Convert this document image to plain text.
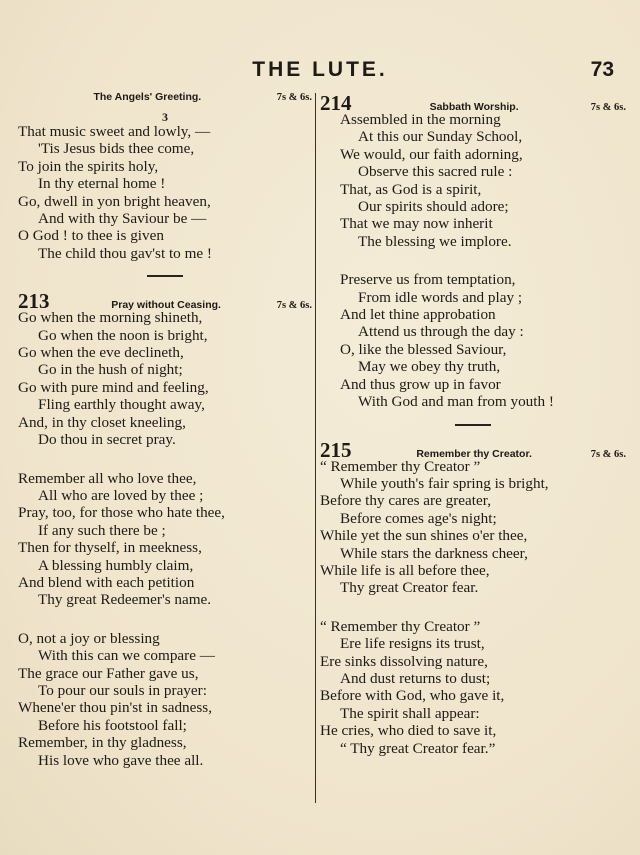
THE LUTE.	73
The Angels' Greeting.	7s & 6s.
3
That music sweet and lowly, —
'Tis Jesus bids thee come,
To join the spirits holy,
In thy eternal home !
Go, dwell in yon bright heaven,
And with thy Saviour be —
O God ! to thee is given
The child thou gav'st to me !
213	Pray without Ceasing.	7s & 6s.
Go when the morning shineth,
Go when the noon is bright,
Go when the eve declineth,
Go in the hush of night;
Go with pure mind and feeling,
Fling earthly thought away,
And, in thy closet kneeling,
Do thou in secret pray.
Remember all who love thee,
All who are loved by thee ;
Pray, too, for those who hate thee,
If any such there be ;
Then for thyself, in meekness,
A blessing humbly claim,
And blend with each petition
Thy great Redeemer's name.
O, not a joy or blessing
With this can we compare —
The grace our Father gave us,
To pour our souls in prayer:
Whene'er thou pin'st in sadness,
Before his footstool fall;
Remember, in thy gladness,
His love who gave thee all.
214	Sabbath Worship.	7s & 6s.
Assembled in the morning
At this our Sunday School,
We would, our faith adorning,
Observe this sacred rule :
That, as God is a spirit,
Our spirits should adore;
That we may now inherit
The blessing we implore.
Preserve us from temptation,
From idle words and play ;
And let thine approbation
Attend us through the day :
O, like the blessed Saviour,
May we obey thy truth,
And thus grow up in favor
With God and man from youth !
215	Remember thy Creator.	7s & 6s.
“ Remember thy Creator ”
While youth's fair spring is bright,
Before thy cares are greater,
Before comes age's night;
While yet the sun shines o'er thee,
While stars the darkness cheer,
While life is all before thee,
Thy great Creator fear.
“ Remember thy Creator ”
Ere life resigns its trust,
Ere sinks dissolving nature,
And dust returns to dust;
Before with God, who gave it,
The spirit shall appear:
He cries, who died to save it,
“ Thy great Creator fear.”
